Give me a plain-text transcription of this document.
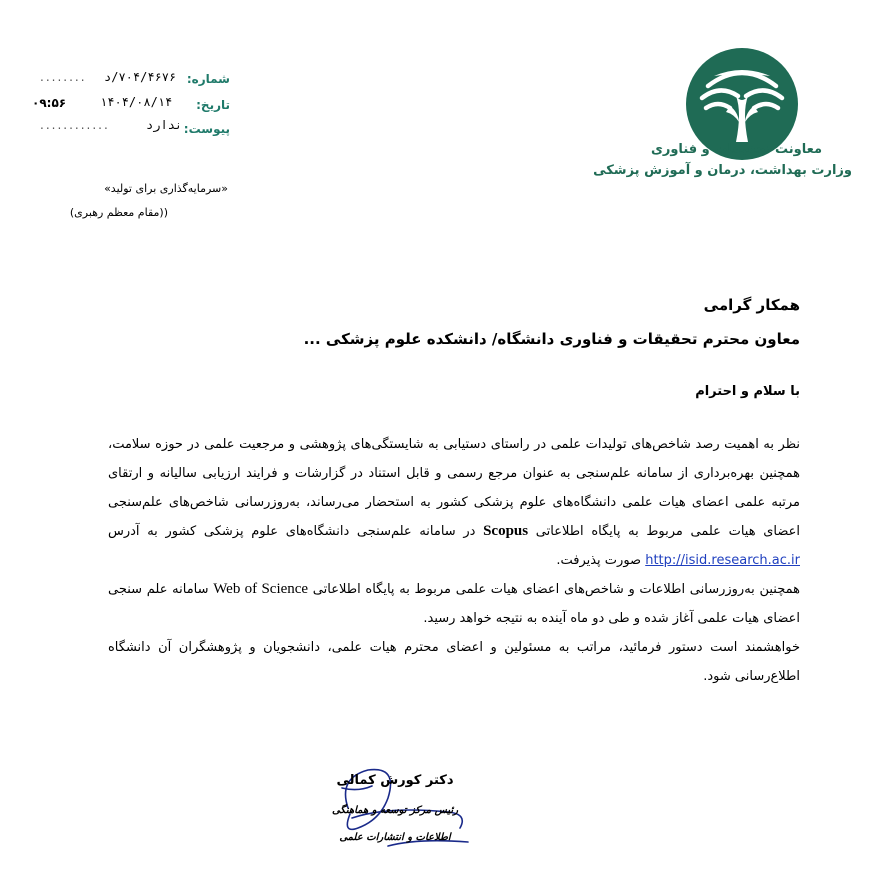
معاونت تحقیقات و فناوری
وزارت بهداشت، درمان و آموزش پزشکی
شماره:
۷۰۴/۴۶۷۶/د
........
تاریخ:
۱۴۰۴/۰۸/۱۴
۰۹:۵۶
پیوست:
ندارد
............
«سرمایه‌گذاری برای تولید»
((مقام معظم رهبری)
همکار گرامی
معاون محترم تحقیقات و فناوری دانشگاه/ دانشکده علوم پزشکی ...
با سلام و احترام
نظر به اهمیت رصد شاخص‌های تولیدات علمی در راستای دستیابی به شایستگی‌های پژوهشی و مرجعیت علمی در حوزه سلامت، همچنین بهره‌برداری از سامانه علم‌سنجی به عنوان مرجع رسمی و قابل استناد در گزارشات و فرایند ارزیابی سالیانه و ارتقای مرتبه علمی اعضای هیات علمی دانشگاه‌های علوم پزشکی کشور به استحضار می‌رساند، به‌روزرسانی شاخص‌های علم‌سنجی اعضای هیات علمی مربوط به پایگاه اطلاعاتی Scopus در سامانه علم‌سنجی دانشگاه‌های علوم پزشکی کشور به آدرس http://isid.research.ac.ir صورت پذیرفت.
همچنین به‌روزرسانی اطلاعات و شاخص‌های اعضای هیات علمی مربوط به پایگاه اطلاعاتی Web of Science سامانه علم سنجی اعضای هیات علمی آغاز شده و طی دو ماه آینده به نتیجه خواهد رسید.
خواهشمند است دستور فرمائید، مراتب به مسئولین و اعضای محترم هیات علمی، دانشجویان و پژوهشگران آن دانشگاه اطلاع‌رسانی شود.
دکتر کورش کمالی
رئیس مرکز توسعه و هماهنگی
اطلاعات و انتشارات علمی
